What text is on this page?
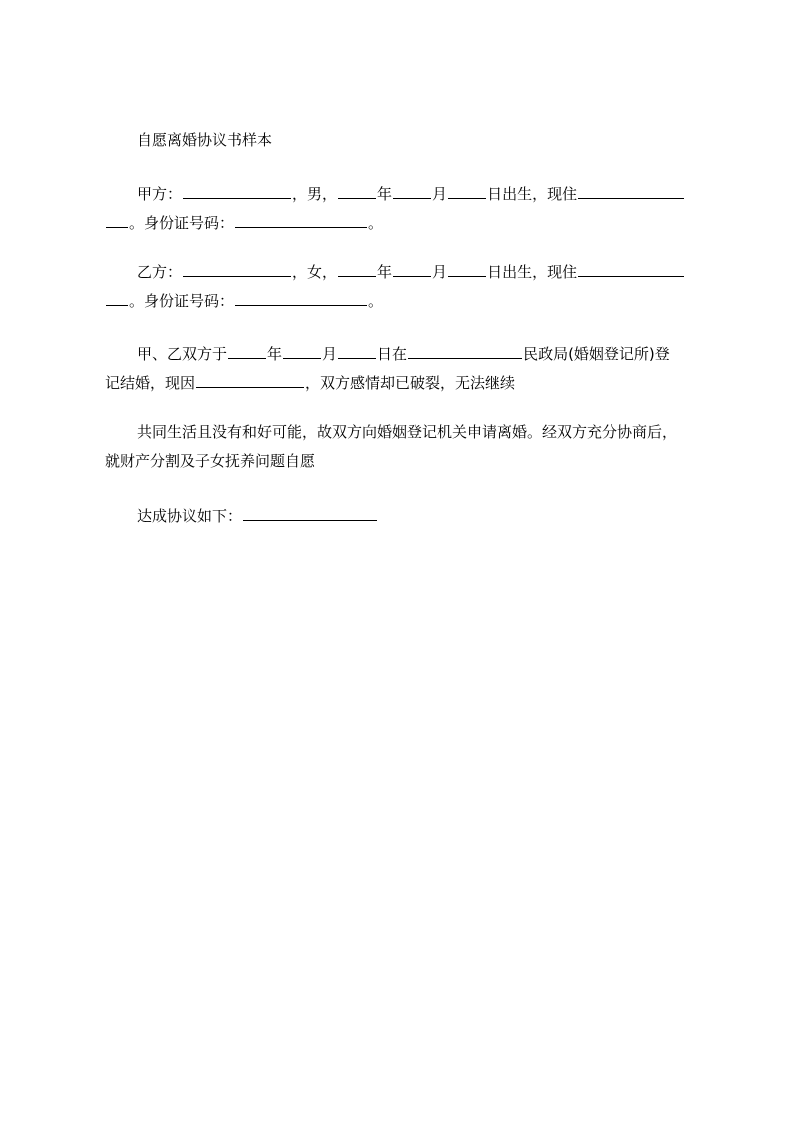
自愿离婚协议书样本

甲方：	，男，	年	月	日出生，现住
。身份证号码：	。
乙方：	，女，	年	月	日出生，现住
。身份证号码：	。
甲、乙双方于	年	月	日在	民政局(婚姻登记所)登
记结婚，现因	，双方感情却已破裂，无法继续
共同生活且没有和好可能，故双方向婚姻登记机关申请离婚。经双方充分协商后，
就财产分割及子女抚养问题自愿
达成协议如下：
